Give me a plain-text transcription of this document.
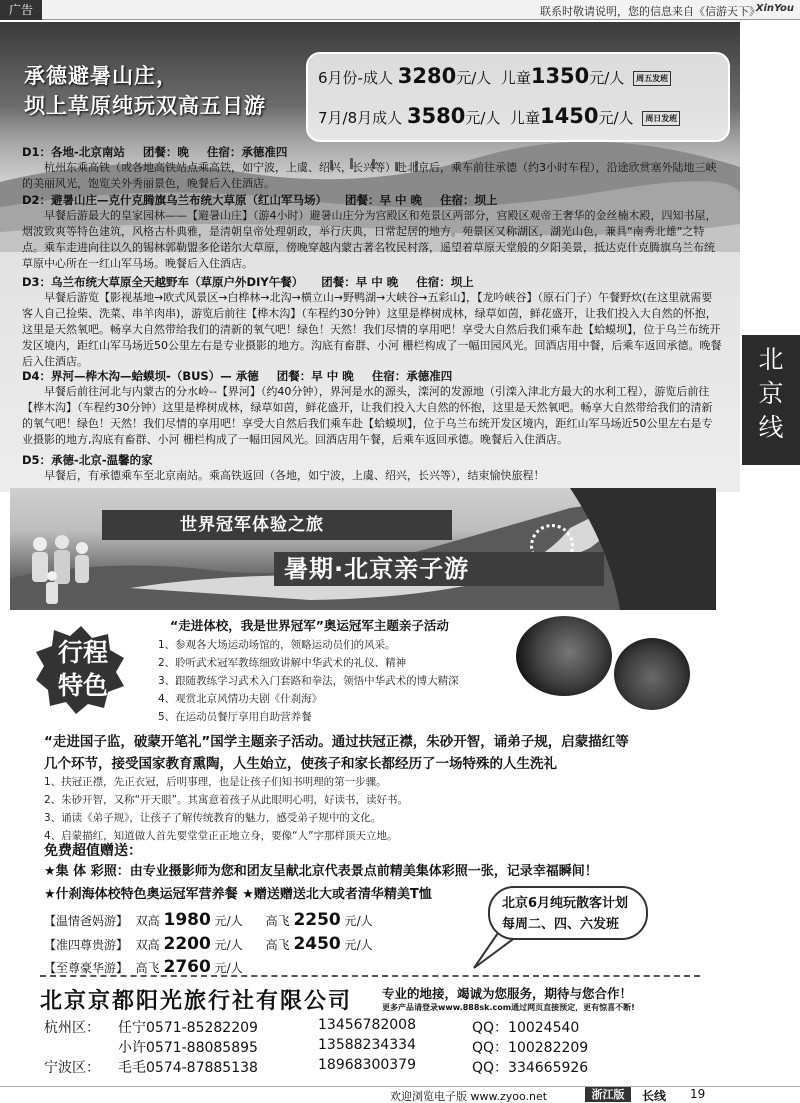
广告	联系时敬请说明，您的信息来自《信游天下》
XinYou
承德避暑山庄，
坝上草原纯玩双高五日游
6月份-成人 3280元/人 儿童1350元/人 周五发班
7月/8月成人 3580元/人 儿童1450元/人 周日发班
D1：各地-北京南站 团餐：晚 住宿：承德准四

杭州东乘高铁（或各地高铁站点乘高铁，如宁波，上虞、绍兴，长兴等）赴北京后，乘车前往承德（约3小时车程），沿途欣赏塞外陆地三峡的美丽风光，饱览关外秀丽景色，晚餐后入住酒店。

D2：避暑山庄—克什克腾旗乌兰布统大草原（红山军马场） 团餐：早 中 晚 住宿：坝上

早餐后游最大的皇家园林——【避暑山庄】（游4小时）避暑山庄分为宫殿区和苑景区两部分，宫殿区观帝王奢华的金丝楠木殿，四知书屋，烟波致爽等特色建筑，风格古朴典雅，是清朝皇帝处理朝政，举行庆典，日常起居的地方。苑景区又称湖区，湖光山色，兼具“南秀北雄”之特点。乘车走进向往以久的锡林郭勒盟多伦诺尔大草原，傍晚穿越内蒙古著名牧民村落，遥望着草原天堂般的夕阳美景，抵达克什克腾旗乌兰布统草原中心所在一红山军马场。晚餐后入住酒店。

D3：乌兰布统大草原全天越野车（草原户外DIY午餐） 团餐：早 中 晚 住宿：坝上

早餐后游览【影视基地→欧式风景区→白桦林→北沟→横立山→野鸭湖→大峡谷→五彩山】，【龙吟峡谷】（原石门子）午餐野炊(在这里就需要客人自己捡柴、洗菜、串羊肉串)，游览后前往【桦木沟】（车程约30分钟）这里是桦树成林，绿草如茵，鲜花盛开，让我们投入大自然的怀抱，这里是天然氧吧。畅享大自然带给我们的清新的氧气吧！绿色！天然！我们尽情的享用吧！享受大自然后我们乘车赴【蛤蟆坝】，位于乌兰布统开发区境内，距红山军马场近50公里左右是专业摄影的地方。沟底有畜群、小河 栅栏构成了一幅田园风光。回酒店用中餐，后乘车返回承德。晚餐后入住酒店。

D4：界河—桦木沟—蛤蟆坝-（BUS）— 承德 团餐：早 中 晚 住宿：承德准四

早餐后前往河北与内蒙古的分水岭--【界河】（约40分钟），界河是水的源头，滦河的发源地（引滦入津北方最大的水利工程），游览后前往【桦木沟】（车程约30分钟）这里是桦树成林，绿草如茵，鲜花盛开，让我们投入大自然的怀抱，这里是天然氧吧。畅享大自然带给我们的清新的氧气吧！绿色！天然！我们尽情的享用吧！享受大自然后我们乘车赴【蛤蟆坝】，位于乌兰布统开发区境内，距红山军马场近50公里左右是专业摄影的地方,沟底有畜群、小河 栅栏构成了一幅田园风光。回酒店用午餐，后乘车返回承德。晚餐后入住酒店。

D5：承德-北京-温馨的家

早餐后，有承德乘车至北京南站。乘高铁返回（各地，如宁波，上虞、绍兴，长兴等），结束愉快旅程！

北
京
线
世界冠军体验之旅
暑期·北京亲子游
行程
特色
“走进体校，我是世界冠军”奥运冠军主题亲子活动
1、参观各大场运动场馆的，领略运动员们的风采。
2、聆听武术冠军教练细致讲解中华武术的礼仪、精神
3、跟随教练学习武术入门套路和拳法，领悟中华武术的博大精深
4、观赏北京风情功夫剧《什刹海》
5、在运动员餐厅享用自助营养餐
“走进国子监，破蒙开笔礼”国学主题亲子活动。通过扶冠正襟，朱砂开智，诵弟子规，启蒙描红等
几个环节，接受国家教育熏陶，人生始立，使孩子和家长都经历了一场特殊的人生洗礼
1、扶冠正襟，先正衣冠，后明事理，也是让孩子们知书明理的第一步骤。
2、朱砂开智，又称“开天眼”。其寓意着孩子从此眼明心明，好读书，读好书。
3、诵读《弟子规》，让孩子了解传统教育的魅力，感受弟子规中的文化。
4、启蒙描红，知道做人首先要堂堂正正地立身，要像“人”字那样顶天立地。
免费超值赠送：
★集 体 彩照：由专业摄影师为您和团友呈献北京代表景点前精美集体彩照一张，记录幸福瞬间！
★什刹海体校特色奥运冠军营养餐 ★赠送赠送北大或者清华精美T恤
【温情爸妈游】 双高 1980 元/人 高飞 2250 元/人
【准四尊贵游】 双高 2200 元/人 高飞 2450 元/人
【至尊豪华游】 高飞 2760 元/人
北京6月纯玩散客计划
每周二、四、六发班
北京京都阳光旅行社有限公司 专业的地接，竭诚为您服务，期待与您合作！
更多产品请登录www.888sk.com通过网页直接预定，更有惊喜不断!
杭州区： 任宁0571-85282209	13456782008	QQ：10024540
小许0571-88085895	13588234334	QQ：100282209
宁波区： 毛毛0574-87885138	18968300379	QQ：334665926
欢迎浏览电子版 www.zyoo.net	浙江版	长线 19
